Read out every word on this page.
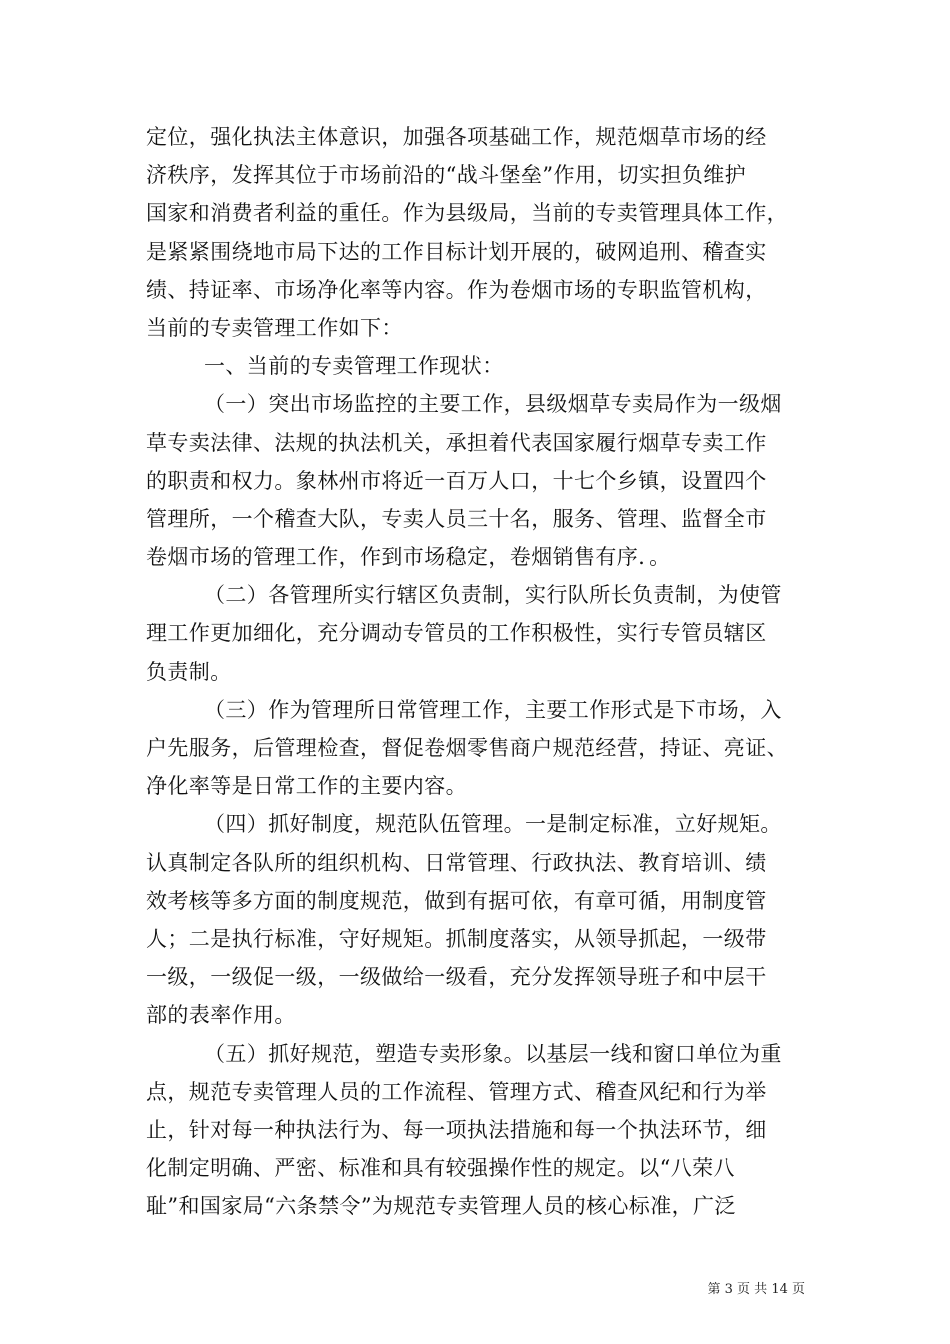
定位，强化执法主体意识，加强各项基础工作，规范烟草市场的经
济秩序，发挥其位于市场前沿的“战斗堡垒”作用，切实担负维护
国家和消费者利益的重任。作为县级局，当前的专卖管理具体工作，
是紧紧围绕地市局下达的工作目标计划开展的，破网追刑、稽查实
绩、持证率、市场净化率等内容。作为卷烟市场的专职监管机构，
当前的专卖管理工作如下：
一、当前的专卖管理工作现状：
（一）突出市场监控的主要工作，县级烟草专卖局作为一级烟
草专卖法律、法规的执法机关，承担着代表国家履行烟草专卖工作
的职责和权力。象林州市将近一百万人口，十七个乡镇，设置四个
管理所，一个稽查大队，专卖人员三十名，服务、管理、监督全市
卷烟市场的管理工作，作到市场稳定，卷烟销售有序．。
（二）各管理所实行辖区负责制，实行队所长负责制，为使管
理工作更加细化，充分调动专管员的工作积极性，实行专管员辖区
负责制。
（三）作为管理所日常管理工作，主要工作形式是下市场，入
户先服务，后管理检查，督促卷烟零售商户规范经营，持证、亮证、
净化率等是日常工作的主要内容。
（四）抓好制度，规范队伍管理。一是制定标准，立好规矩。
认真制定各队所的组织机构、日常管理、行政执法、教育培训、绩
效考核等多方面的制度规范，做到有据可依，有章可循，用制度管
人；二是执行标准，守好规矩。抓制度落实，从领导抓起，一级带
一级，一级促一级，一级做给一级看，充分发挥领导班子和中层干
部的表率作用。
（五）抓好规范，塑造专卖形象。以基层一线和窗口单位为重
点，规范专卖管理人员的工作流程、管理方式、稽查风纪和行为举
止，针对每一种执法行为、每一项执法措施和每一个执法环节，细
化制定明确、严密、标准和具有较强操作性的规定。以“八荣八
耻”和国家局“六条禁令”为规范专卖管理人员的核心标准，广泛
第 3 页 共 14 页
